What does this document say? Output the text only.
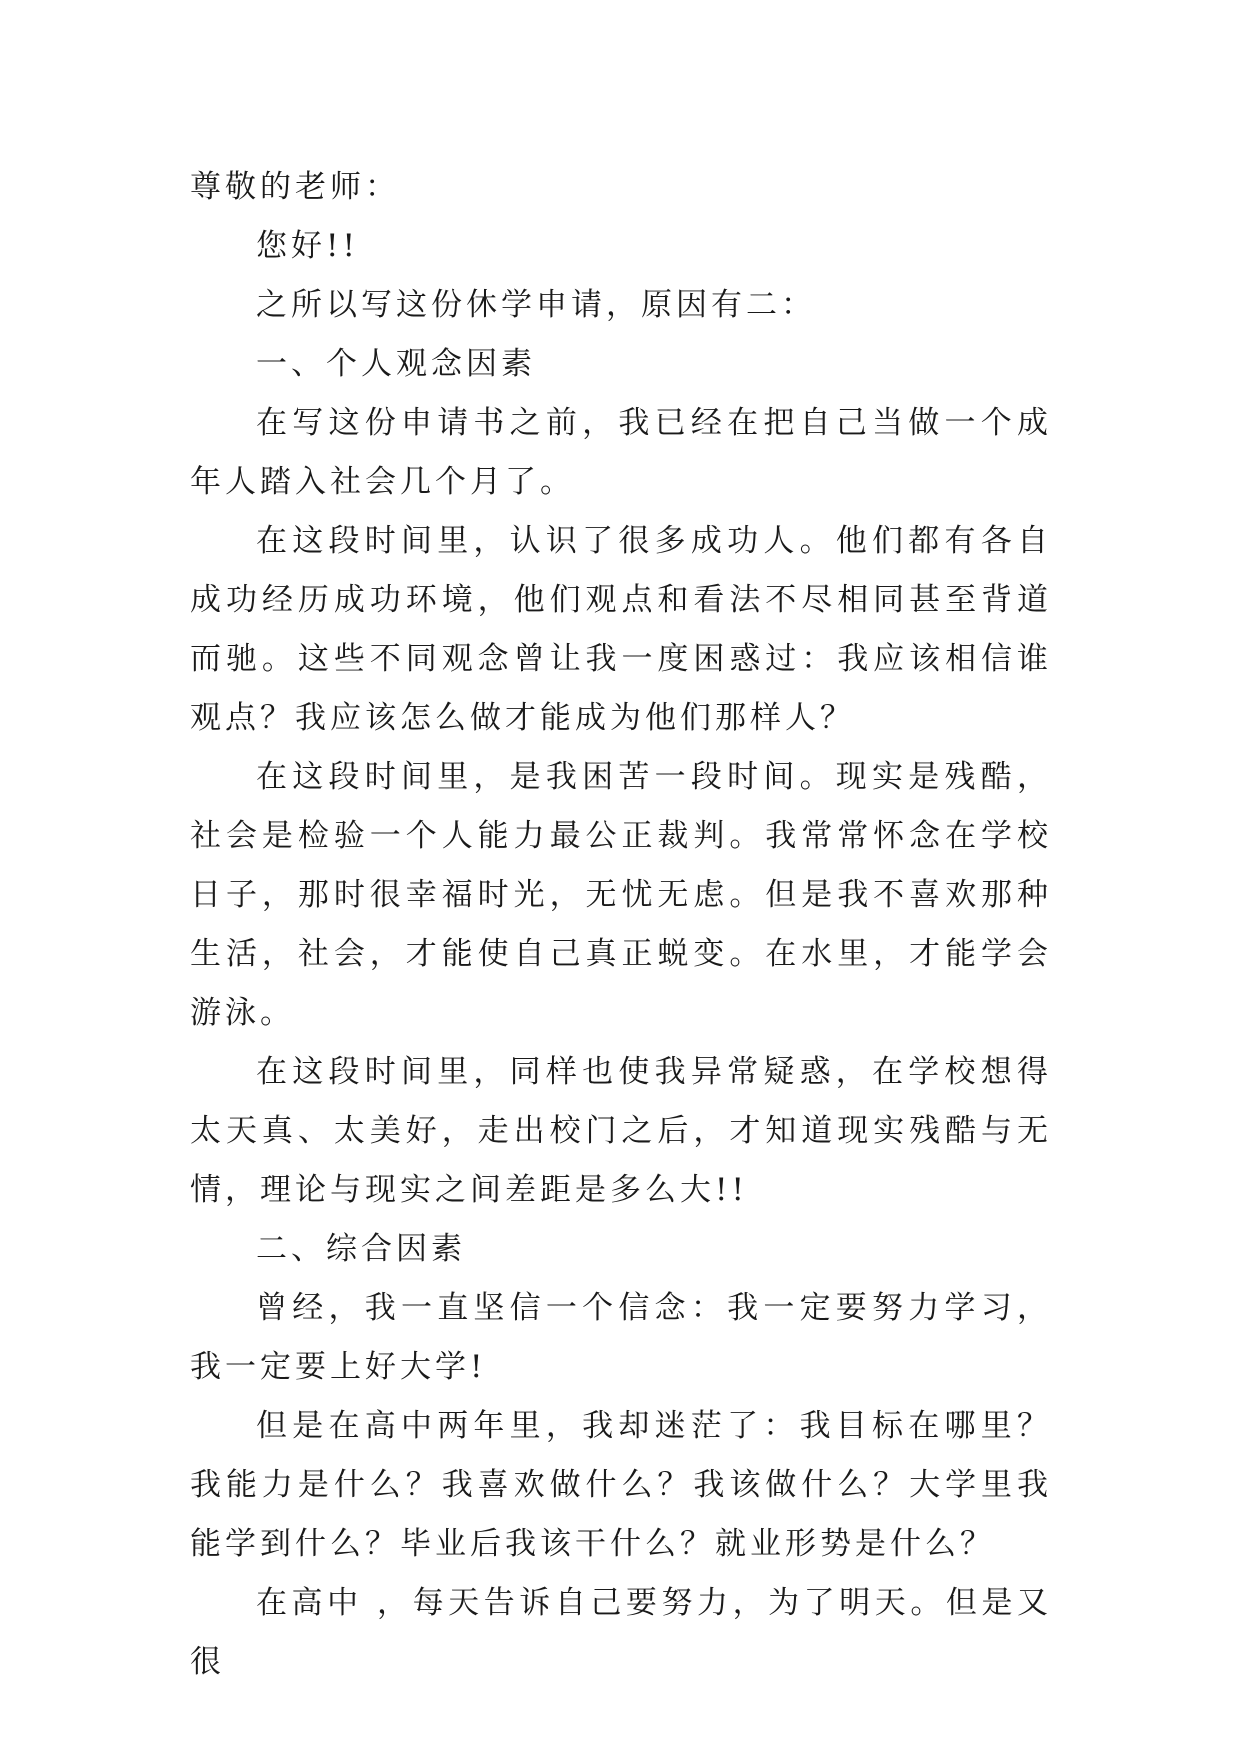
尊敬的老师：

您好!!

之所以写这份休学申请，原因有二：

一、个人观念因素

在写这份申请书之前，我已经在把自己当做一个成年人踏入社会几个月了。

在这段时间里，认识了很多成功人。他们都有各自成功经历成功环境，他们观点和看法不尽相同甚至背道而驰。这些不同观念曾让我一度困惑过：我应该相信谁观点？我应该怎么做才能成为他们那样人？

在这段时间里，是我困苦一段时间。现实是残酷，社会是检验一个人能力最公正裁判。我常常怀念在学校日子，那时很幸福时光，无忧无虑。但是我不喜欢那种生活，社会，才能使自己真正蜕变。在水里，才能学会游泳。

在这段时间里，同样也使我异常疑惑，在学校想得太天真、太美好，走出校门之后，才知道现实残酷与无情，理论与现实之间差距是多么大!!

二、综合因素

曾经，我一直坚信一个信念：我一定要努力学习，我一定要上好大学!

但是在高中两年里，我却迷茫了：我目标在哪里？我能力是什么？我喜欢做什么？我该做什么？大学里我能学到什么？毕业后我该干什么？就业形势是什么？

在高中 ，每天告诉自己要努力，为了明天。但是又很
